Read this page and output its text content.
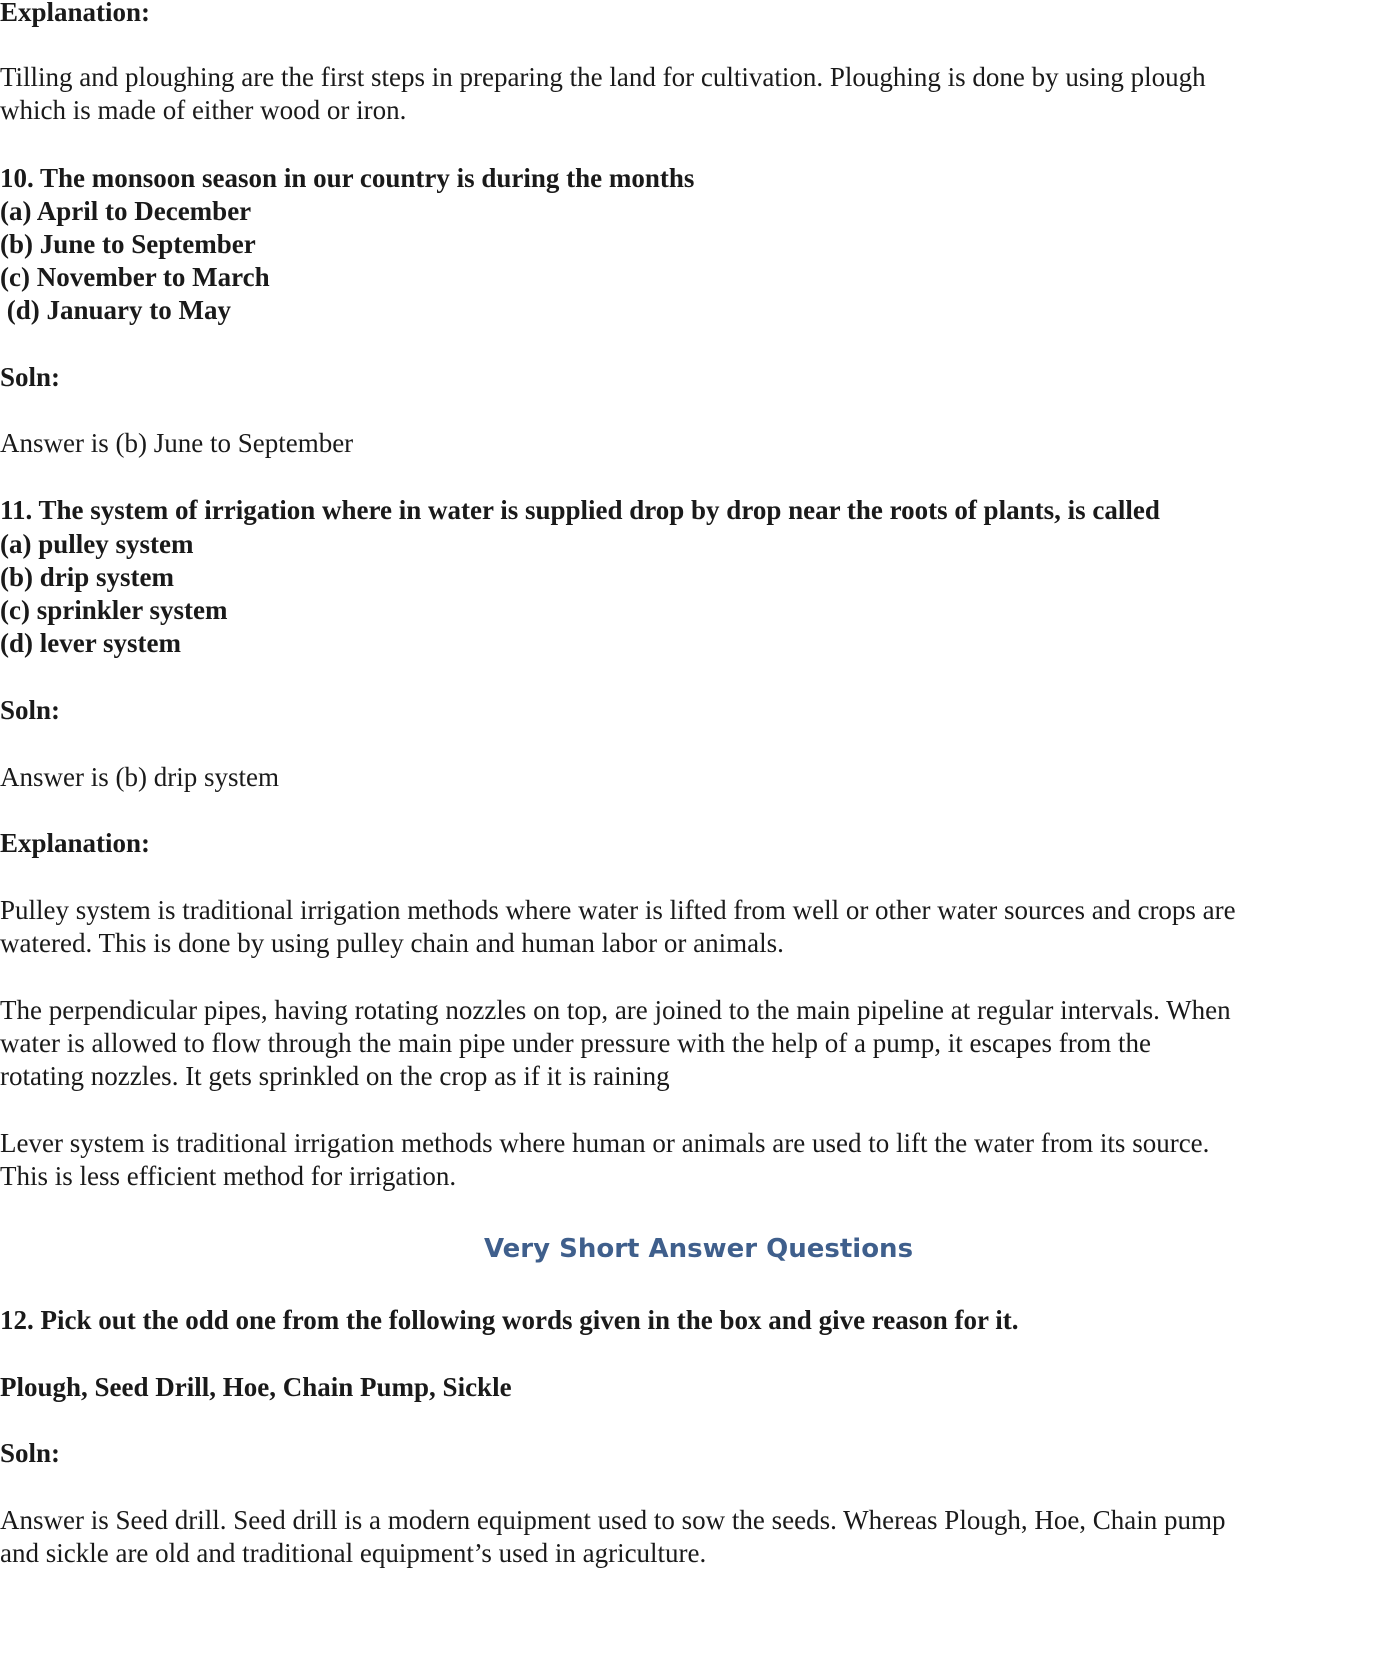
Explanation:

Tilling and ploughing are the first steps in preparing the land for cultivation. Ploughing is done by using plough

which is made of either wood or iron.

10. The monsoon season in our country is during the months

(a) April to December

(b) June to September

(c) November to March

(d) January to May

Soln:

Answer is (b) June to September

11. The system of irrigation where in water is supplied drop by drop near the roots of plants, is called

(a) pulley system

(b) drip system

(c) sprinkler system

(d) lever system

Soln:

Answer is (b) drip system

Explanation:

Pulley system is traditional irrigation methods where water is lifted from well or other water sources and crops are

watered. This is done by using pulley chain and human labor or animals.

The perpendicular pipes, having rotating nozzles on top, are joined to the main pipeline at regular intervals. When

water is allowed to flow through the main pipe under pressure with the help of a pump, it escapes from the

rotating nozzles. It gets sprinkled on the crop as if it is raining

Lever system is traditional irrigation methods where human or animals are used to lift the water from its source.

This is less efficient method for irrigation.

Very Short Answer Questions

12. Pick out the odd one from the following words given in the box and give reason for it.

Plough, Seed Drill, Hoe, Chain Pump, Sickle

Soln:

Answer is Seed drill. Seed drill is a modern equipment used to sow the seeds. Whereas Plough, Hoe, Chain pump

and sickle are old and traditional equipment’s used in agriculture.
